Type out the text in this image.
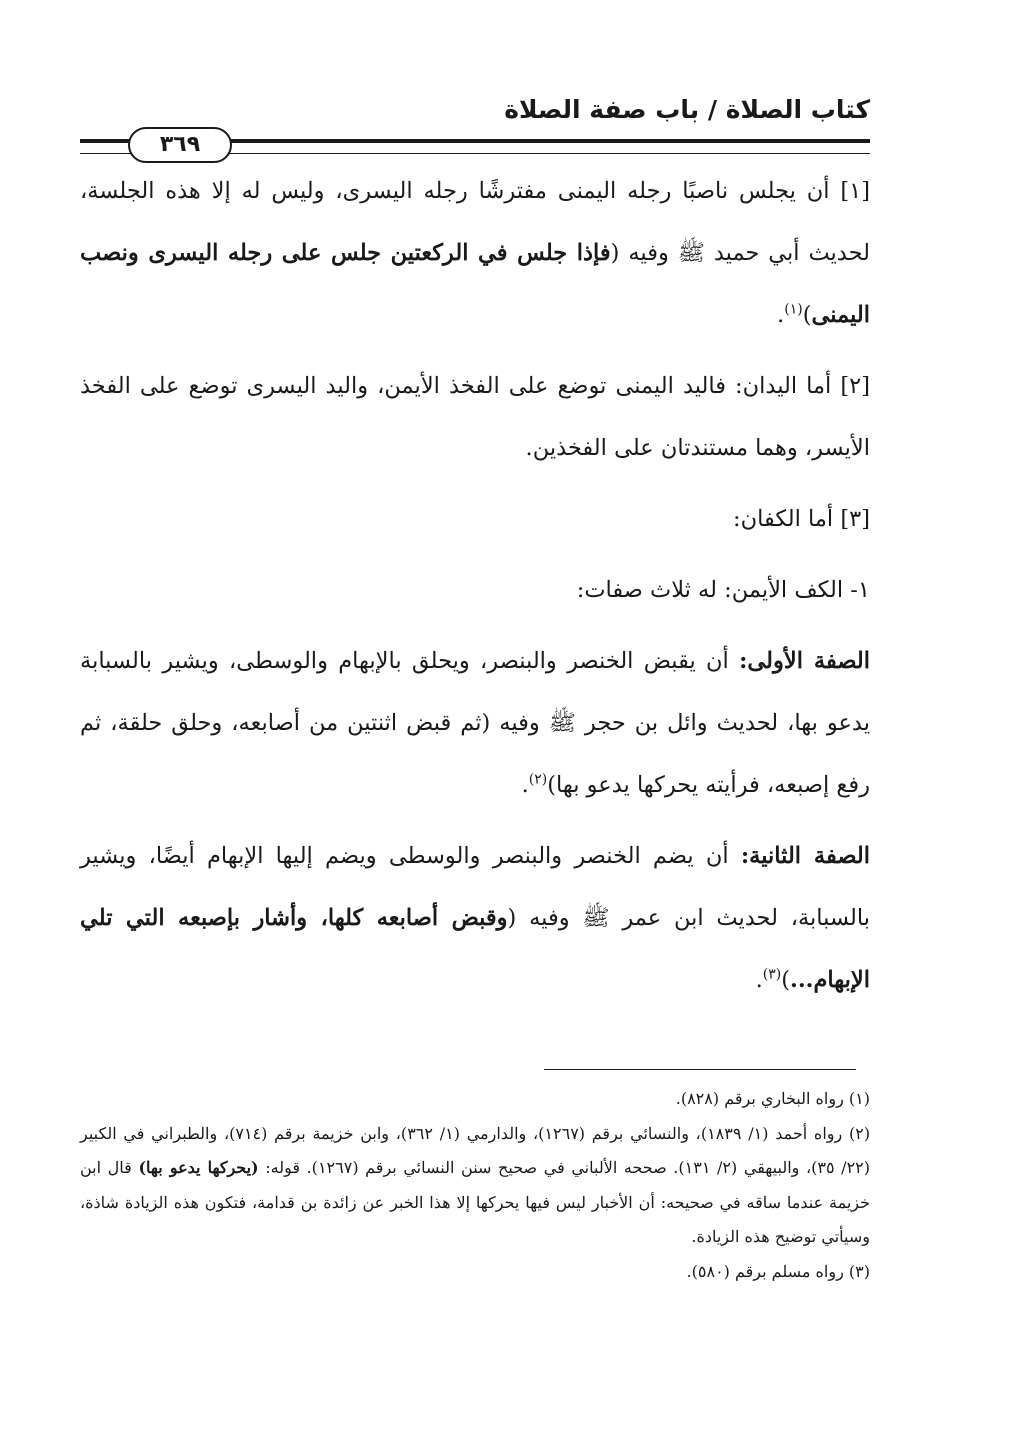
كتاب الصلاة / باب صفة الصلاة
٣٦٩

[١] أن يجلس ناصبًا رجله اليمنى مفترشًا رجله اليسرى، وليس له إلا هذه الجلسة، لحديث أبي حميد ﷺ وفيه (فإذا جلس في الركعتين جلس على رجله اليسرى ونصب اليمنى)$^{(١)}$.

[٢] أما اليدان: فاليد اليمنى توضع على الفخذ الأيمن، واليد اليسرى توضع على الفخذ الأيسر، وهما مستندتان على الفخذين.

[٣] أما الكفان:

١- الكف الأيمن: له ثلاث صفات:

الصفة الأولى: أن يقبض الخنصر والبنصر، ويحلق بالإبهام والوسطى، ويشير بالسبابة يدعو بها، لحديث وائل بن حجر ﷺ وفيه (ثم قبض اثنتين من أصابعه، وحلق حلقة، ثم رفع إصبعه، فرأيته يحركها يدعو بها)$^{(٢)}$.

الصفة الثانية: أن يضم الخنصر والبنصر والوسطى ويضم إليها الإبهام أيضًا، ويشير بالسبابة، لحديث ابن عمر ﷺ وفيه (وقبض أصابعه كلها، وأشار بإصبعه التي تلي الإبهام...)$^{(٣)}$.

(١) رواه البخاري برقم (٨٢٨).

(٢) رواه أحمد (١/ ١٨٣٩)، والنسائي برقم (١٢٦٧)، والدارمي (١/ ٣٦٢)، وابن خزيمة برقم (٧١٤)، والطبراني في الكبير (٢٢/ ٣٥)، والبيهقي (٢/ ١٣١). صححه الألباني في صحيح سنن النسائي برقم (١٢٦٧). قوله: (يحركها يدعو بها) قال ابن خزيمة عندما ساقه في صحيحه: أن الأخبار ليس فيها يحركها إلا هذا الخبر عن زائدة بن قدامة، فتكون هذه الزيادة شاذة، وسيأتي توضيح هذه الزيادة.

(٣) رواه مسلم برقم (٥٨٠).
